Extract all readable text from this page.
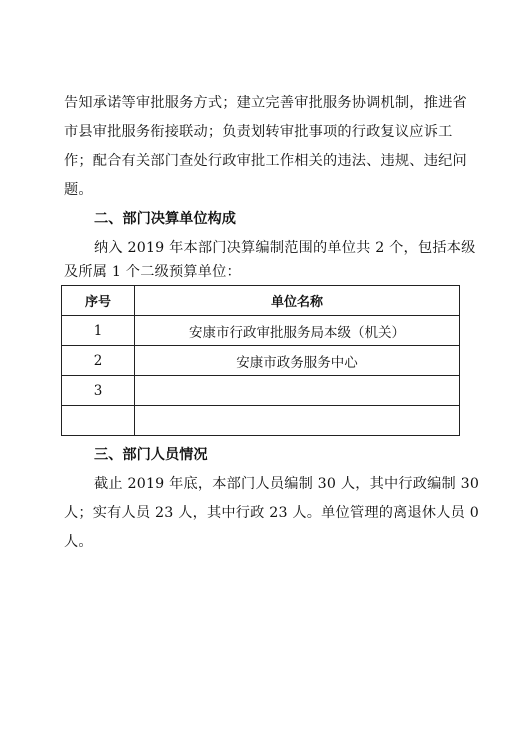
告知承诺等审批服务方式；建立完善审批服务协调机制，推进省
市县审批服务衔接联动；负责划转审批事项的行政复议应诉工
作；配合有关部门查处行政审批工作相关的违法、违规、违纪问
题。
二、部门决算单位构成
纳入 2019 年本部门决算编制范围的单位共 2 个，包括本级
及所属 1 个二级预算单位：
序号	单位名称
1	安康市行政审批服务局本级（机关）
2	安康市政务服务中心
3	

三、部门人员情况
截止 2019 年底，本部门人员编制 30 人，其中行政编制 30
人；实有人员 23 人，其中行政 23 人。单位管理的离退休人员 0
人。
